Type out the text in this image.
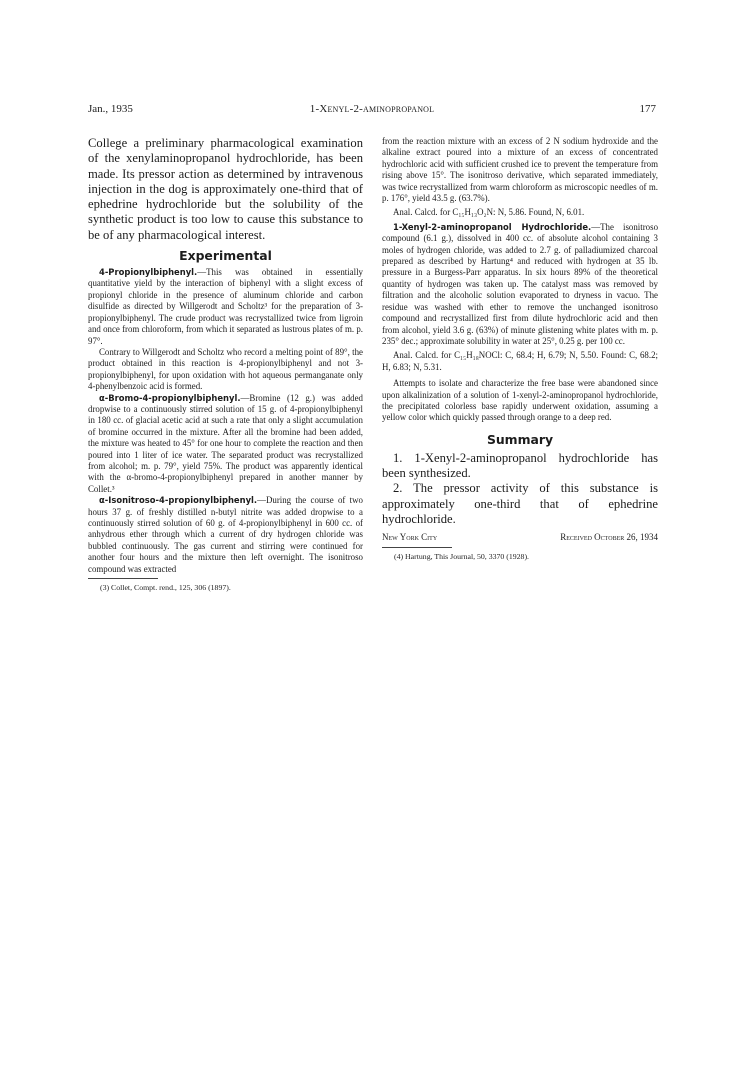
Jan., 1935	1-Xenyl-2-aminopropanol	177

College a preliminary pharmacological examination of the xenylaminopropanol hydrochloride, has been made. Its pressor action as determined by intravenous injection in the dog is approximately one-third that of ephedrine hydrochloride but the solubility of the synthetic product is too low to cause this substance to be of any pharmacological interest.

Experimental

4-Propionylbiphenyl.—This was obtained in essentially quantitative yield by the interaction of biphenyl with a slight excess of propionyl chloride in the presence of aluminum chloride and carbon disulfide as directed by Willgerodt and Scholtz³ for the preparation of 3-propionylbiphenyl. The crude product was recrystallized twice from ligroin and once from chloroform, from which it separated as lustrous plates of m. p. 97°.

Contrary to Willgerodt and Scholtz who record a melting point of 89°, the product obtained in this reaction is 4-propionylbiphenyl and not 3-propionylbiphenyl, for upon oxidation with hot aqueous permanganate only 4-phenylbenzoic acid is formed.

α-Bromo-4-propionylbiphenyl.—Bromine (12 g.) was added dropwise to a continuously stirred solution of 15 g. of 4-propionylbiphenyl in 180 cc. of glacial acetic acid at such a rate that only a slight accumulation of bromine occurred in the mixture. After all the bromine had been added, the mixture was heated to 45° for one hour to complete the reaction and then poured into 1 liter of ice water. The separated product was recrystallized from alcohol; m. p. 79°, yield 75%. The product was apparently identical with the α-bromo-4-propionylbiphenyl prepared in another manner by Collet.³

α-Isonitroso-4-propionylbiphenyl.—During the course of two hours 37 g. of freshly distilled n-butyl nitrite was added dropwise to a continuously stirred solution of 60 g. of 4-propionylbiphenyl in 600 cc. of anhydrous ether through which a current of dry hydrogen chloride was bubbled continuously. The gas current and stirring were continued for another four hours and the mixture then left overnight. The isonitroso compound was extracted

(3) Collet, Compt. rend., 125, 306 (1897).

from the reaction mixture with an excess of 2 N sodium hydroxide and the alkaline extract poured into a mixture of an excess of concentrated hydrochloric acid with sufficient crushed ice to prevent the temperature from rising above 15°. The isonitroso derivative, which separated immediately, was twice recrystallized from warm chloroform as microscopic needles of m. p. 176°, yield 43.5 g. (63.7%).

Anal. Calcd. for C₁₅H₁₃O₂N: N, 5.86. Found, N, 6.01.

1-Xenyl-2-aminopropanol Hydrochloride.—The isonitroso compound (6.1 g.), dissolved in 400 cc. of absolute alcohol containing 3 moles of hydrogen chloride, was added to 2.7 g. of palladiumized charcoal prepared as described by Hartung⁴ and reduced with hydrogen at 35 lb. pressure in a Burgess-Parr apparatus. In six hours 89% of the theoretical quantity of hydrogen was taken up. The catalyst mass was removed by filtration and the alcoholic solution evaporated to dryness in vacuo. The residue was washed with ether to remove the unchanged isonitroso compound and recrystallized first from dilute hydrochloric acid and then from alcohol, yield 3.6 g. (63%) of minute glistening white plates with m. p. 235° dec.; approximate solubility in water at 25°, 0.25 g. per 100 cc.

Anal. Calcd. for C₁₅H₁₈NOCl: C, 68.4; H, 6.79; N, 5.50. Found: C, 68.2; H, 6.83; N, 5.31.

Attempts to isolate and characterize the free base were abandoned since upon alkalinization of a solution of 1-xenyl-2-aminopropanol hydrochloride, the precipitated colorless base rapidly underwent oxidation, assuming a yellow color which quickly passed through orange to a deep red.

Summary

1. 1-Xenyl-2-aminopropanol hydrochloride has been synthesized.

2. The pressor activity of this substance is approximately one-third that of ephedrine hydrochloride.

New York City	Received October 26, 1934
(4) Hartung, This Journal, 50, 3370 (1928).
